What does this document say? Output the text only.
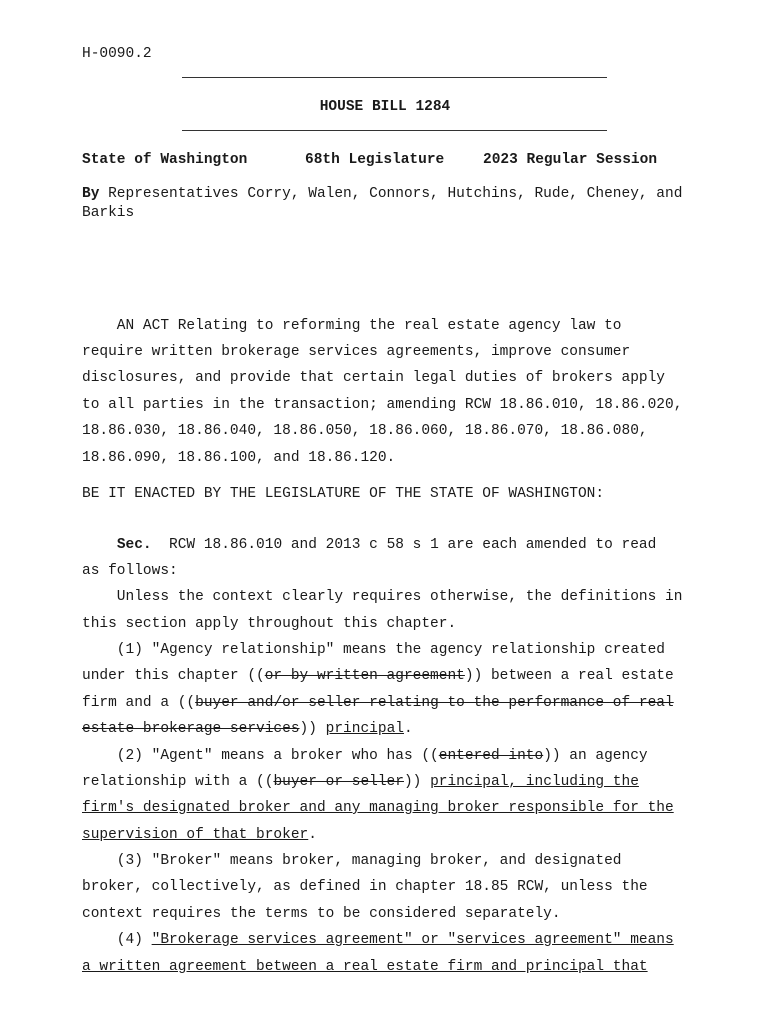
H-0090.2
HOUSE BILL 1284
State of Washington	68th Legislature	2023 Regular Session
By Representatives Corry, Walen, Connors, Hutchins, Rude, Cheney, and
Barkis
AN ACT Relating to reforming the real estate agency law to
require written brokerage services agreements, improve consumer
disclosures, and provide that certain legal duties of brokers apply
to all parties in the transaction; amending RCW 18.86.010, 18.86.020,
18.86.030, 18.86.040, 18.86.050, 18.86.060, 18.86.070, 18.86.080,
18.86.090, 18.86.100, and 18.86.120.
BE IT ENACTED BY THE LEGISLATURE OF THE STATE OF WASHINGTON:
Sec.  RCW 18.86.010 and 2013 c 58 s 1 are each amended to read
as follows:
Unless the context clearly requires otherwise, the definitions in
this section apply throughout this chapter.
(1) "Agency relationship" means the agency relationship created
under this chapter ((or by written agreement)) between a real estate
firm and a ((buyer and/or seller relating to the performance of real
estate brokerage services)) principal.
(2) "Agent" means a broker who has ((entered into)) an agency
relationship with a ((buyer or seller)) principal, including the
firm's designated broker and any managing broker responsible for the
supervision of that broker.
(3) "Broker" means broker, managing broker, and designated
broker, collectively, as defined in chapter 18.85 RCW, unless the
context requires the terms to be considered separately.
(4) "Brokerage services agreement" or "services agreement" means
a written agreement between a real estate firm and principal that
